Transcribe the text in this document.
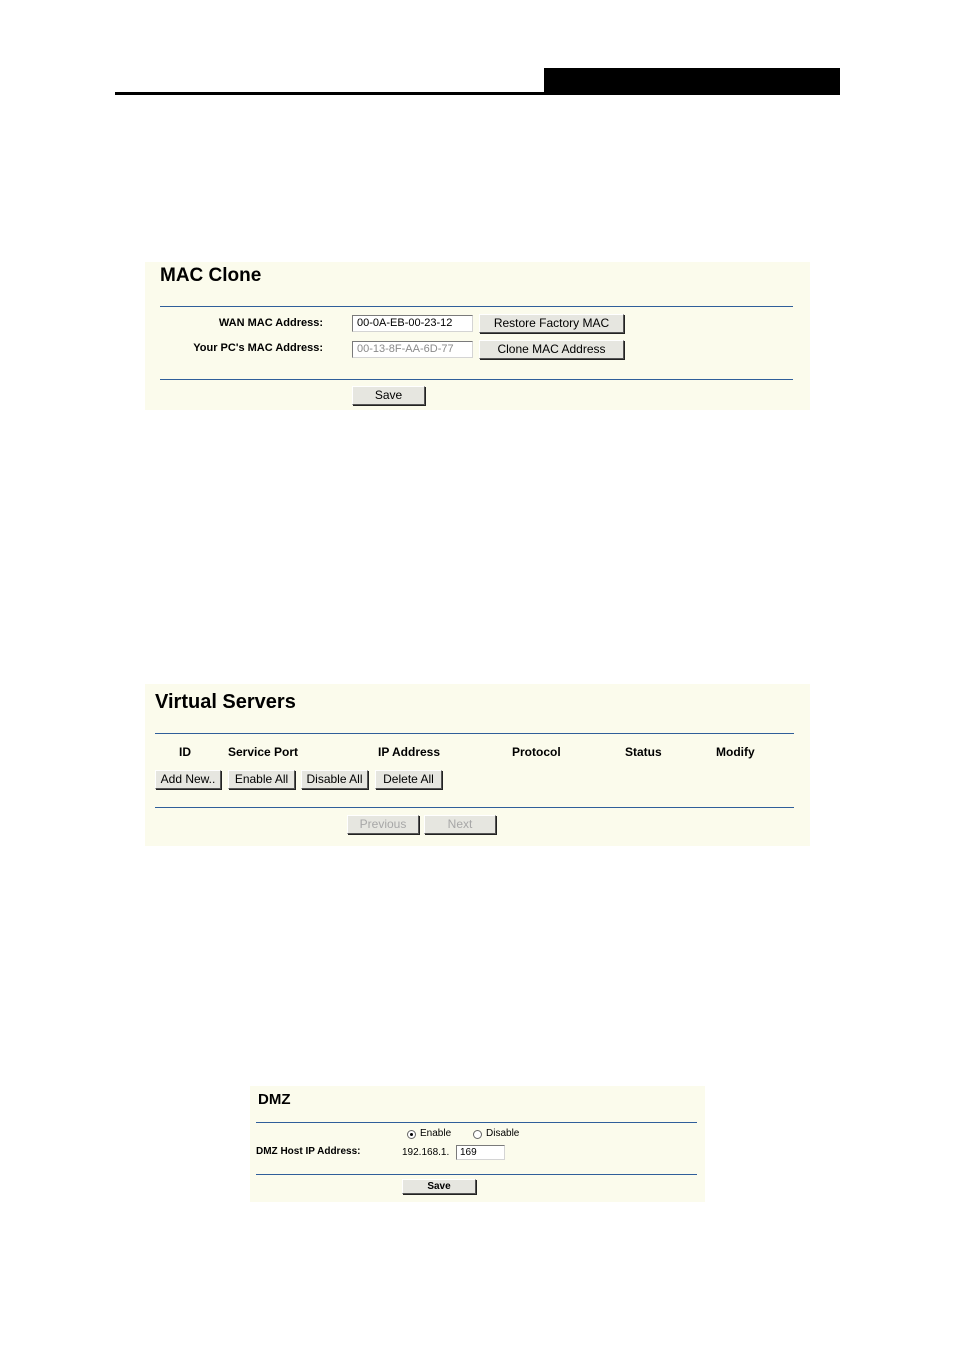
MAC Clone
WAN MAC Address:	00-0A-EB-00-23-12	Restore Factory MAC
Your PC's MAC Address:	00-13-8F-AA-6D-77	Clone MAC Address
Save
Virtual Servers
ID	Service Port	IP Address	Protocol	Status	Modify
Add New..	Enable All	Disable All	Delete All
Previous	Next
DMZ
Enable	Disable
DMZ Host IP Address:	192.168.1.	169
Save
